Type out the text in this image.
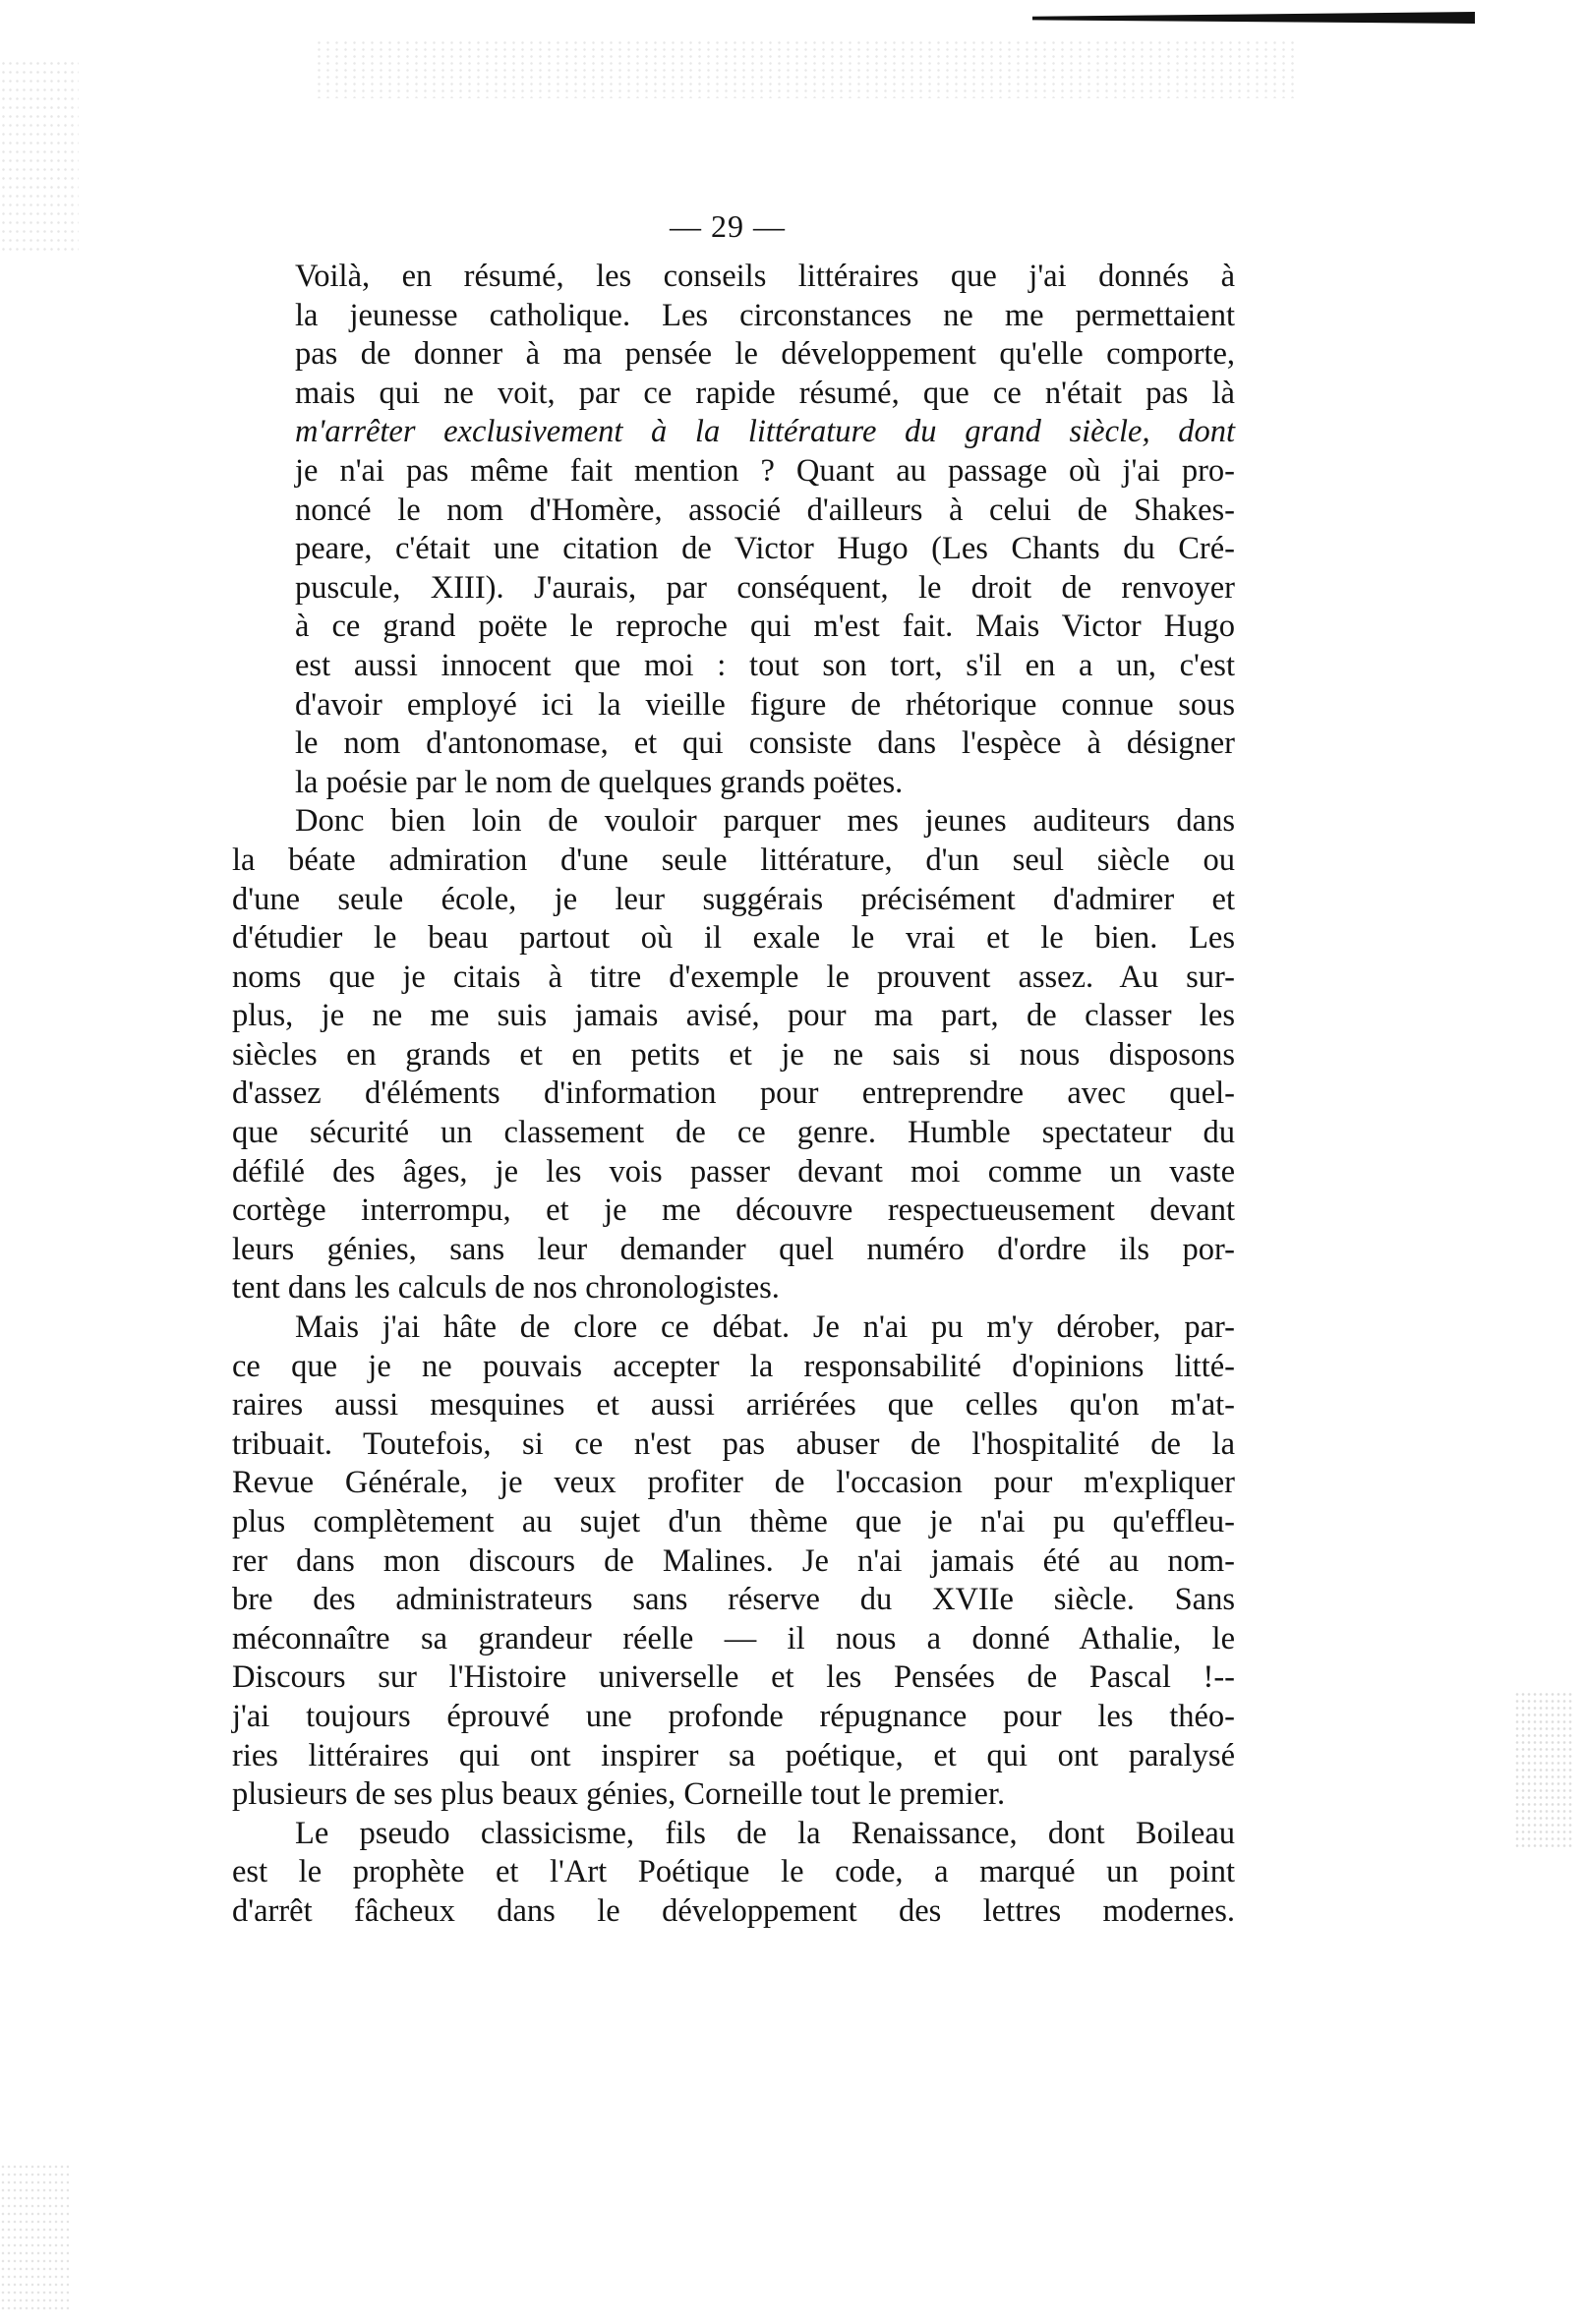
— 29 —
Voilà, en résumé, les conseils littéraires que j'ai donnés à
la jeunesse catholique. Les circonstances ne me permettaient
pas de donner à ma pensée le développement qu'elle comporte,
mais qui ne voit, par ce rapide résumé, que ce n'était pas là
m'arrêter exclusivement à la littérature du grand siècle, dont
je n'ai pas même fait mention ? Quant au passage où j'ai pro-
noncé le nom d'Homère, associé d'ailleurs à celui de Shakes-
peare, c'était une citation de Victor Hugo (Les Chants du Cré-
puscule, XIII). J'aurais, par conséquent, le droit de renvoyer
à ce grand poëte le reproche qui m'est fait. Mais Victor Hugo
est aussi innocent que moi : tout son tort, s'il en a un, c'est
d'avoir employé ici la vieille figure de rhétorique connue sous
le nom d'antonomase, et qui consiste dans l'espèce à désigner
la poésie par le nom de quelques grands poëtes.
Donc bien loin de vouloir parquer mes jeunes auditeurs dans
la béate admiration d'une seule littérature, d'un seul siècle ou
d'une seule école, je leur suggérais précisément d'admirer et
d'étudier le beau partout où il exale le vrai et le bien. Les
noms que je citais à titre d'exemple le prouvent assez. Au sur-
plus, je ne me suis jamais avisé, pour ma part, de classer les
siècles en grands et en petits et je ne sais si nous disposons
d'assez d'éléments d'information pour entreprendre avec quel-
que sécurité un classement de ce genre. Humble spectateur du
défilé des âges, je les vois passer devant moi comme un vaste
cortège interrompu, et je me découvre respectueusement devant
leurs génies, sans leur demander quel numéro d'ordre ils por-
tent dans les calculs de nos chronologistes.
Mais j'ai hâte de clore ce débat. Je n'ai pu m'y dérober, par-
ce que je ne pouvais accepter la responsabilité d'opinions litté-
raires aussi mesquines et aussi arriérées que celles qu'on m'at-
tribuait. Toutefois, si ce n'est pas abuser de l'hospitalité de la
Revue Générale, je veux profiter de l'occasion pour m'expliquer
plus complètement au sujet d'un thème que je n'ai pu qu'effleu-
rer dans mon discours de Malines. Je n'ai jamais été au nom-
bre des administrateurs sans réserve du XVIIe siècle. Sans
méconnaître sa grandeur réelle — il nous a donné Athalie, le
Discours sur l'Histoire universelle et les Pensées de Pascal !--
j'ai toujours éprouvé une profonde répugnance pour les théo-
ries littéraires qui ont inspirer sa poétique, et qui ont paralysé
plusieurs de ses plus beaux génies, Corneille tout le premier.
Le pseudo classicisme, fils de la Renaissance, dont Boileau
est le prophète et l'Art Poétique le code, a marqué un point
d'arrêt fâcheux dans le développement des lettres modernes.
